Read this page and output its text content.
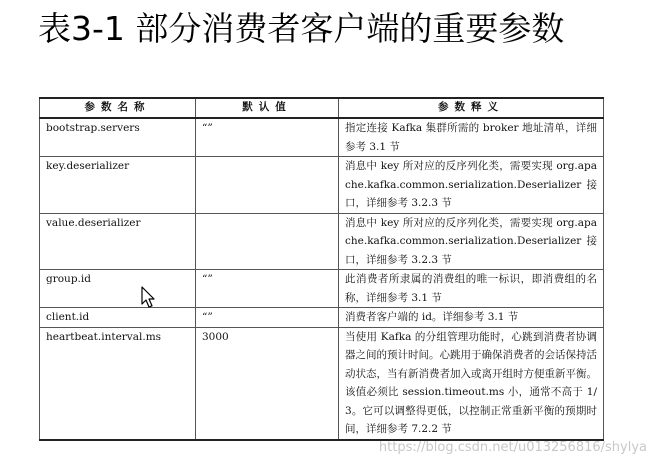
表3-1 部分消费者客户端的重要参数
参数名称	默认值	参数释义
bootstrap.servers	“”	指定连接 Kafka 集群所需的 broker 地址清单，详细参考 3.1 节
key.deserializer		消息中 key 所对应的反序列化类，需要实现 org.apache.kafka.common.serialization.Deserializer 接口，详细参考 3.2.3 节
value.deserializer		消息中 key 所对应的反序列化类，需要实现 org.apache.kafka.common.serialization.Deserializer 接口，详细参考 3.2.3 节
group.id	“”	此消费者所隶属的消费组的唯一标识，即消费组的名称，详细参考 3.1 节
client.id	“”	消费者客户端的 id。详细参考 3.1 节
heartbeat.interval.ms	3000	当使用 Kafka 的分组管理功能时，心跳到消费者协调器之间的预计时间。心跳用于确保消费者的会话保持活动状态，当有新消费者加入或离开组时方便重新平衡。该值必须比 session.timeout.ms 小，通常不高于 1/3。它可以调整得更低，以控制正常重新平衡的预期时间，详细参考 7.2.2 节
https://blog.csdn.net/u013256816/shylya
